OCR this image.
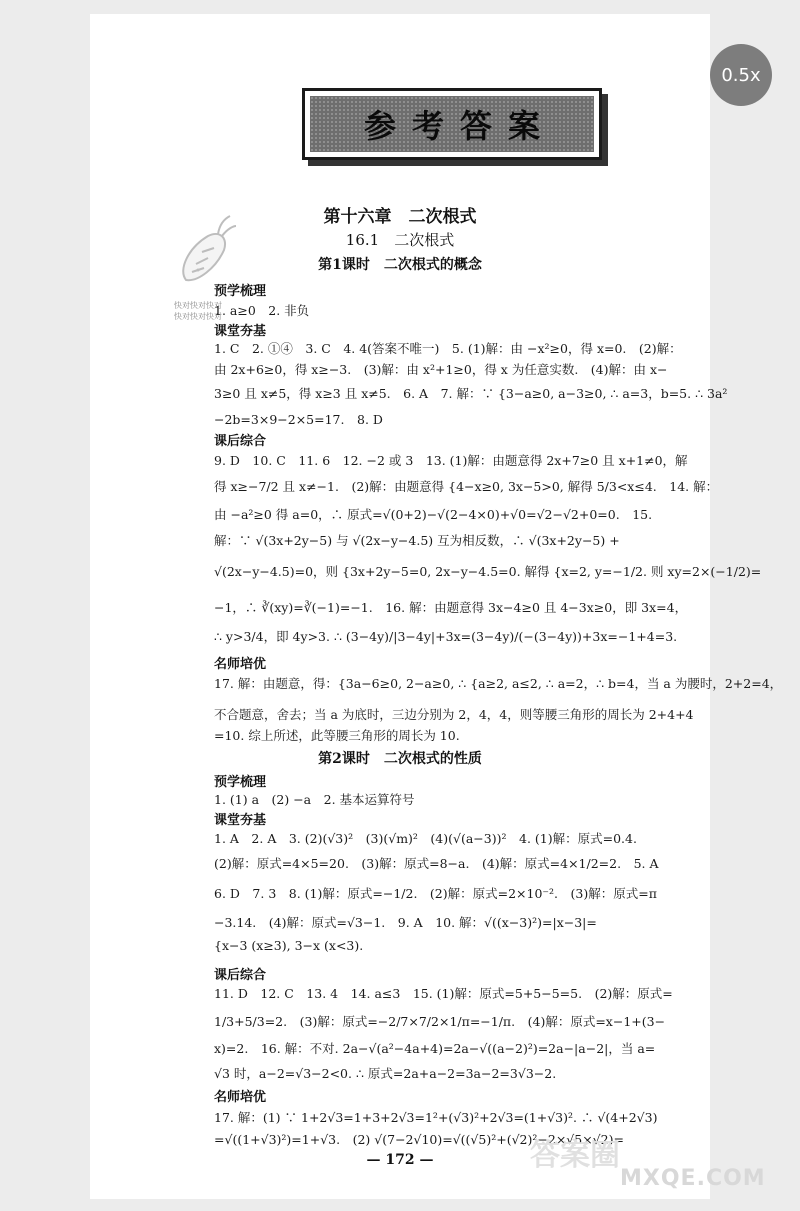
参考答案
快对快对快对
快对快对快对
第十六章　二次根式
16.1　二次根式
第1课时　二次根式的概念
第2课时　二次根式的性质
预学梳理
1. a≥0　2. 非负
课堂夯基
1. C　2. ①④　3. C　4. 4(答案不唯一)　5. (1)解：由 −x²≥0，得 x=0.　(2)解：
由 2x+6≥0，得 x≥−3.　(3)解：由 x²+1≥0，得 x 为任意实数.　(4)解：由 x−
3≥0 且 x≠5，得 x≥3 且 x≠5.　6. A　7. 解：∵ {3−a≥0, a−3≥0, ∴ a=3，b=5. ∴ 3a²
−2b=3×9−2×5=17.　8. D
课后综合
9. D　10. C　11. 6　12. −2 或 3　13. (1)解：由题意得 2x+7≥0 且 x+1≠0，解
得 x≥−7/2 且 x≠−1.　(2)解：由题意得 {4−x≥0, 3x−5>0, 解得 5/3<x≤4.　14. 解：
由 −a²≥0 得 a=0，∴ 原式=√(0+2)−√(2−4×0)+√0=√2−√2+0=0.　15.
解：∵ √(3x+2y−5) 与 √(2x−y−4.5) 互为相反数，∴ √(3x+2y−5) +
√(2x−y−4.5)=0，则 {3x+2y−5=0, 2x−y−4.5=0. 解得 {x=2, y=−1/2. 则 xy=2×(−1/2)=
−1，∴ ∛(xy)=∛(−1)=−1.　16. 解：由题意得 3x−4≥0 且 4−3x≥0，即 3x=4，
∴ y>3/4，即 4y>3. ∴ (3−4y)/|3−4y|+3x=(3−4y)/(−(3−4y))+3x=−1+4=3.
名师培优
17. 解：由题意，得：{3a−6≥0, 2−a≥0, ∴ {a≥2, a≤2, ∴ a=2，∴ b=4，当 a 为腰时，2+2=4，
不合题意，舍去；当 a 为底时，三边分别为 2，4，4，则等腰三角形的周长为 2+4+4
=10. 综上所述，此等腰三角形的周长为 10.
预学梳理
1. (1) a　(2) −a　2. 基本运算符号
课堂夯基
1. A　2. A　3. (2)(√3)²　(3)(√m)²　(4)(√(a−3))²　4. (1)解：原式=0.4.
(2)解：原式=4×5=20.　(3)解：原式=8−a.　(4)解：原式=4×1/2=2.　5. A
6. D　7. 3　8. (1)解：原式=−1/2.　(2)解：原式=2×10⁻².　(3)解：原式=π
−3.14.　(4)解：原式=√3−1.　9. A　10. 解：√((x−3)²)=|x−3|=
{x−3 (x≥3), 3−x (x<3).
课后综合
11. D　12. C　13. 4　14. a≤3　15. (1)解：原式=5+5−5=5.　(2)解：原式=
1/3+5/3=2.　(3)解：原式=−2/7×7/2×1/π=−1/π.　(4)解：原式=x−1+(3−
x)=2.　16. 解：不对. 2a−√(a²−4a+4)=2a−√((a−2)²)=2a−|a−2|，当 a=
√3 时，a−2=√3−2<0. ∴ 原式=2a+a−2=3a−2=3√3−2.
名师培优
17. 解：(1) ∵ 1+2√3=1+3+2√3=1²+(√3)²+2√3=(1+√3)². ∴ √(4+2√3)
=√((1+√3)²)=1+√3.　(2) √(7−2√10)=√((√5)²+(√2)²−2×√5×√2)=
— 172 —	答案圈
MXQE.COM
0.5x
